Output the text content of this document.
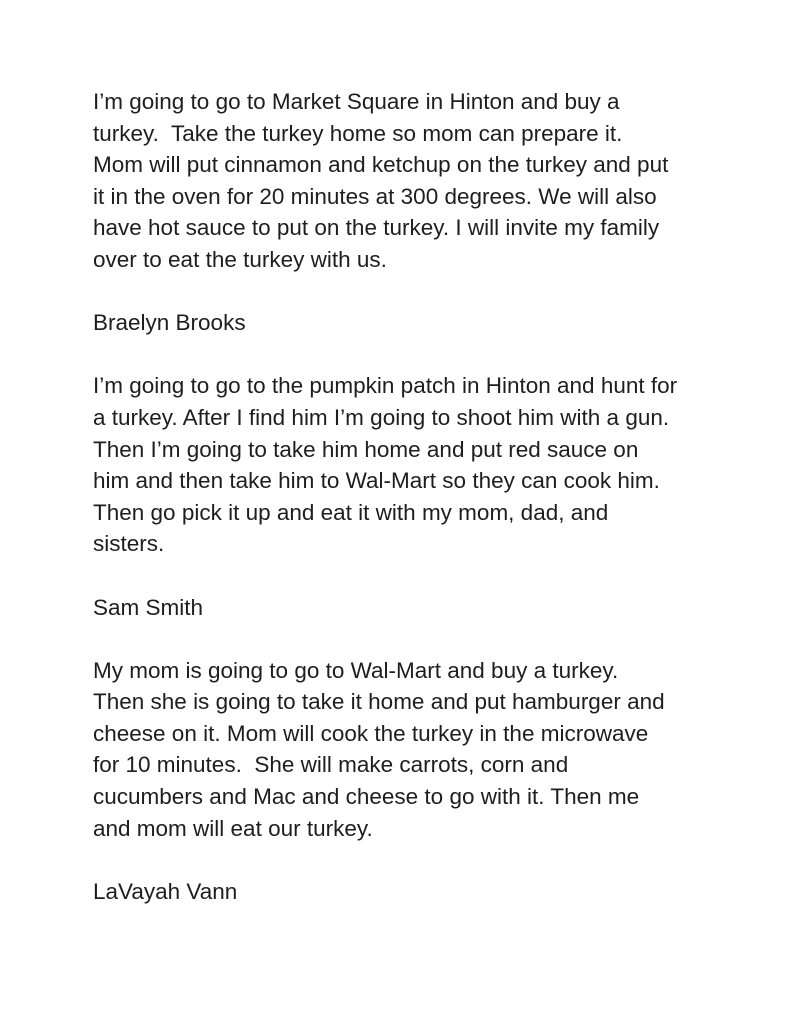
I’m going to go to Market Square in Hinton and buy a
turkey.  Take the turkey home so mom can prepare it.
Mom will put cinnamon and ketchup on the turkey and put
it in the oven for 20 minutes at 300 degrees. We will also
have hot sauce to put on the turkey. I will invite my family
over to eat the turkey with us.
Braelyn Brooks
I’m going to go to the pumpkin patch in Hinton and hunt for
a turkey. After I find him I’m going to shoot him with a gun.
Then I’m going to take him home and put red sauce on
him and then take him to Wal-Mart so they can cook him.
Then go pick it up and eat it with my mom, dad, and
sisters.
Sam Smith
My mom is going to go to Wal-Mart and buy a turkey.
Then she is going to take it home and put hamburger and
cheese on it. Mom will cook the turkey in the microwave
for 10 minutes.  She will make carrots, corn and
cucumbers and Mac and cheese to go with it. Then me
and mom will eat our turkey.
LaVayah Vann
